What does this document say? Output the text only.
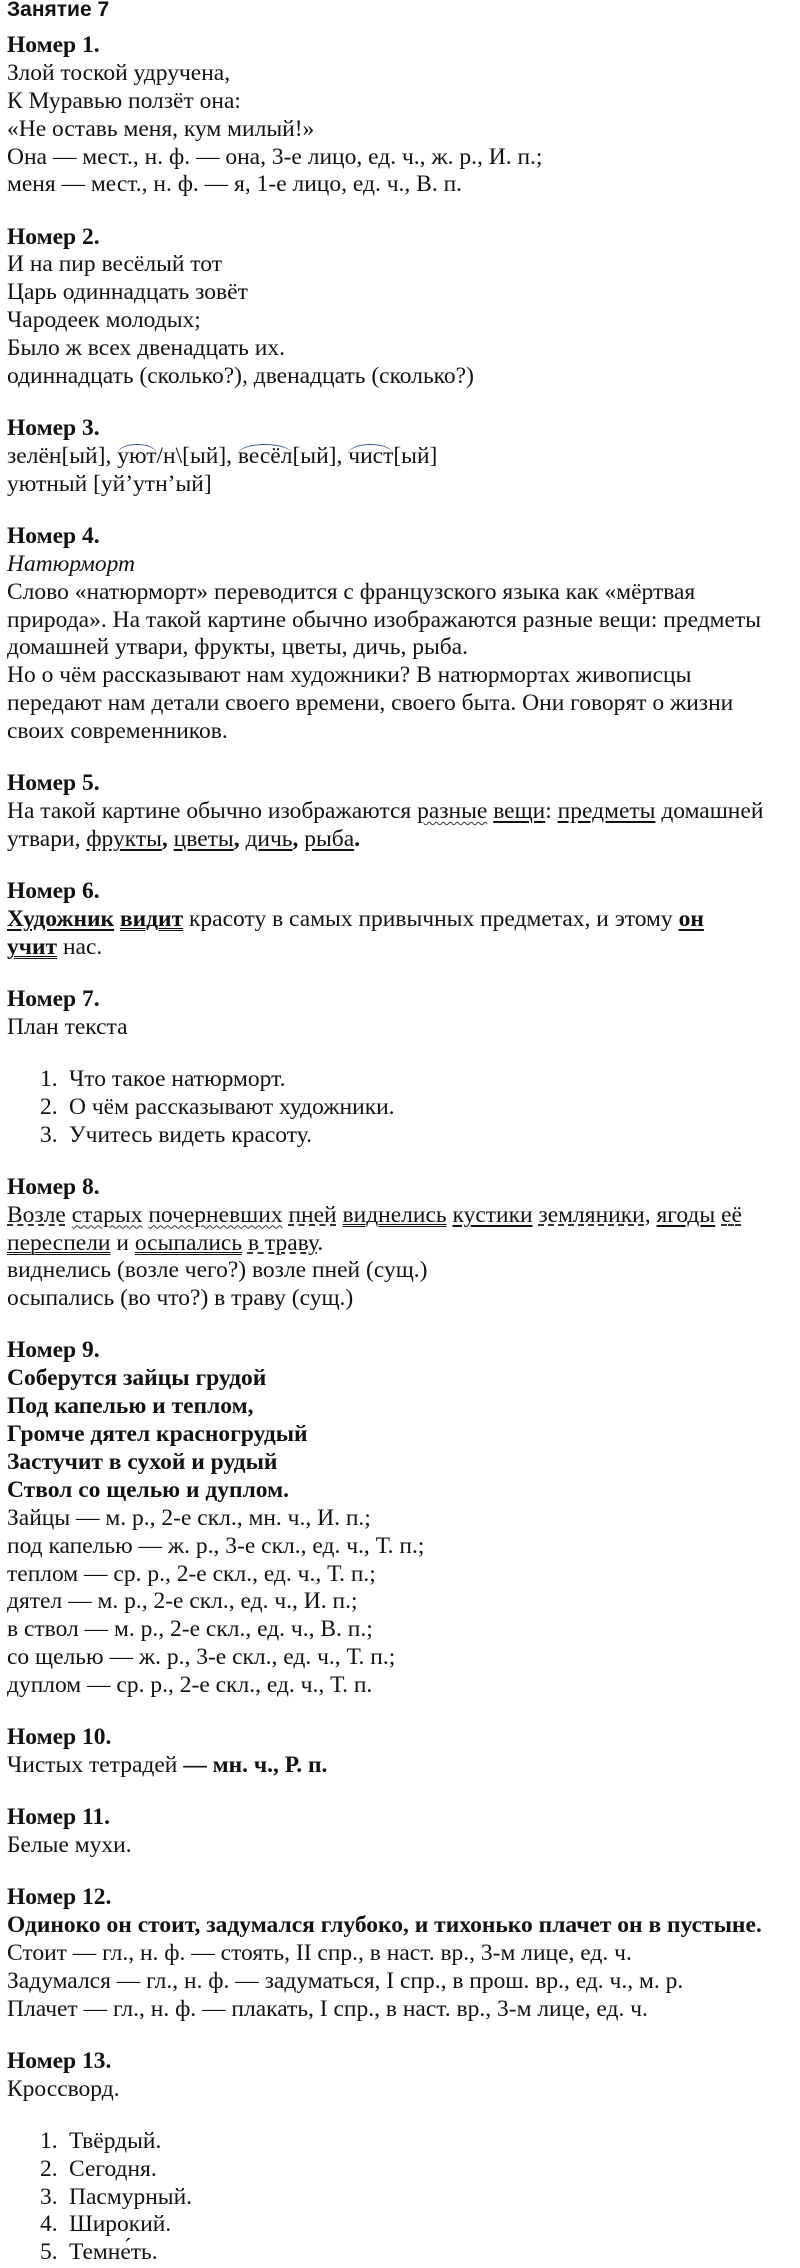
Занятие 7
Номер 1.
Злой тоской удручена,
К Муравью ползёт она:
«Не оставь меня, кум милый!»
Она — мест., н. ф. — она, 3-е лицо, ед. ч., ж. р., И. п.;
меня — мест., н. ф. — я, 1-е лицо, ед. ч., В. п.
Номер 2.
И на пир весёлый тот
Царь одиннадцать зовёт
Чародеек молодых;
Было ж всех двенадцать их.
одиннадцать (сколько?), двенадцать (сколько?)
Номер 3.
зелён[ый], уют/н\[ый], весёл[ый], чист[ый]
уютный [уй’утн’ый]
Номер 4.
Натюрморт
Слово «натюрморт» переводится с французского языка как «мёртвая
природа». На такой картине обычно изображаются разные вещи: предметы
домашней утвари, фрукты, цветы, дичь, рыба.
Но о чём рассказывают нам художники? В натюрмортах живописцы
передают нам детали своего времени, своего быта. Они говорят о жизни
своих современников.
Номер 5.
На такой картине обычно изображаются разные вещи: предметы домашней
утвари, фрукты, цветы, дичь, рыба.
Номер 6.
Художник видит красоту в самых привычных предметах, и этому он
учит нас.
Номер 7.
План текста
1. Что такое натюрморт.
2. О чём рассказывают художники.
3. Учитесь видеть красоту.
Номер 8.
Возле старых почерневших пней виднелись кустики земляники, ягоды её
переспели и осыпались в траву.
виднелись (возле чего?) возле пней (сущ.)
осыпались (во что?) в траву (сущ.)
Номер 9.
Соберутся зайцы грудой
Под капелью и теплом,
Громче дятел красногрудый
Застучит в сухой и рудый
Ствол со щелью и дуплом.
Зайцы — м. р., 2-е скл., мн. ч., И. п.;
под капелью — ж. р., 3-е скл., ед. ч., Т. п.;
теплом — ср. р., 2-е скл., ед. ч., Т. п.;
дятел — м. р., 2-е скл., ед. ч., И. п.;
в ствол — м. р., 2-е скл., ед. ч., В. п.;
со щелью — ж. р., 3-е скл., ед. ч., Т. п.;
дуплом — ср. р., 2-е скл., ед. ч., Т. п.
Номер 10.
Чистых тетрадей — мн. ч., Р. п.
Номер 11.
Белые мухи.
Номер 12.
Одиноко он стоит, задумался глубоко, и тихонько плачет он в пустыне.
Стоит — гл., н. ф. — стоять, II спр., в наст. вр., 3-м лице, ед. ч.
Задумался — гл., н. ф. — задуматься, I спр., в прош. вр., ед. ч., м. р.
Плачет — гл., н. ф. — плакать, I спр., в наст. вр., 3-м лице, ед. ч.
Номер 13.
Кроссворд.
1. Твёрдый.
2. Сегодня.
3. Пасмурный.
4. Широкий.
5. Темне́ть.
